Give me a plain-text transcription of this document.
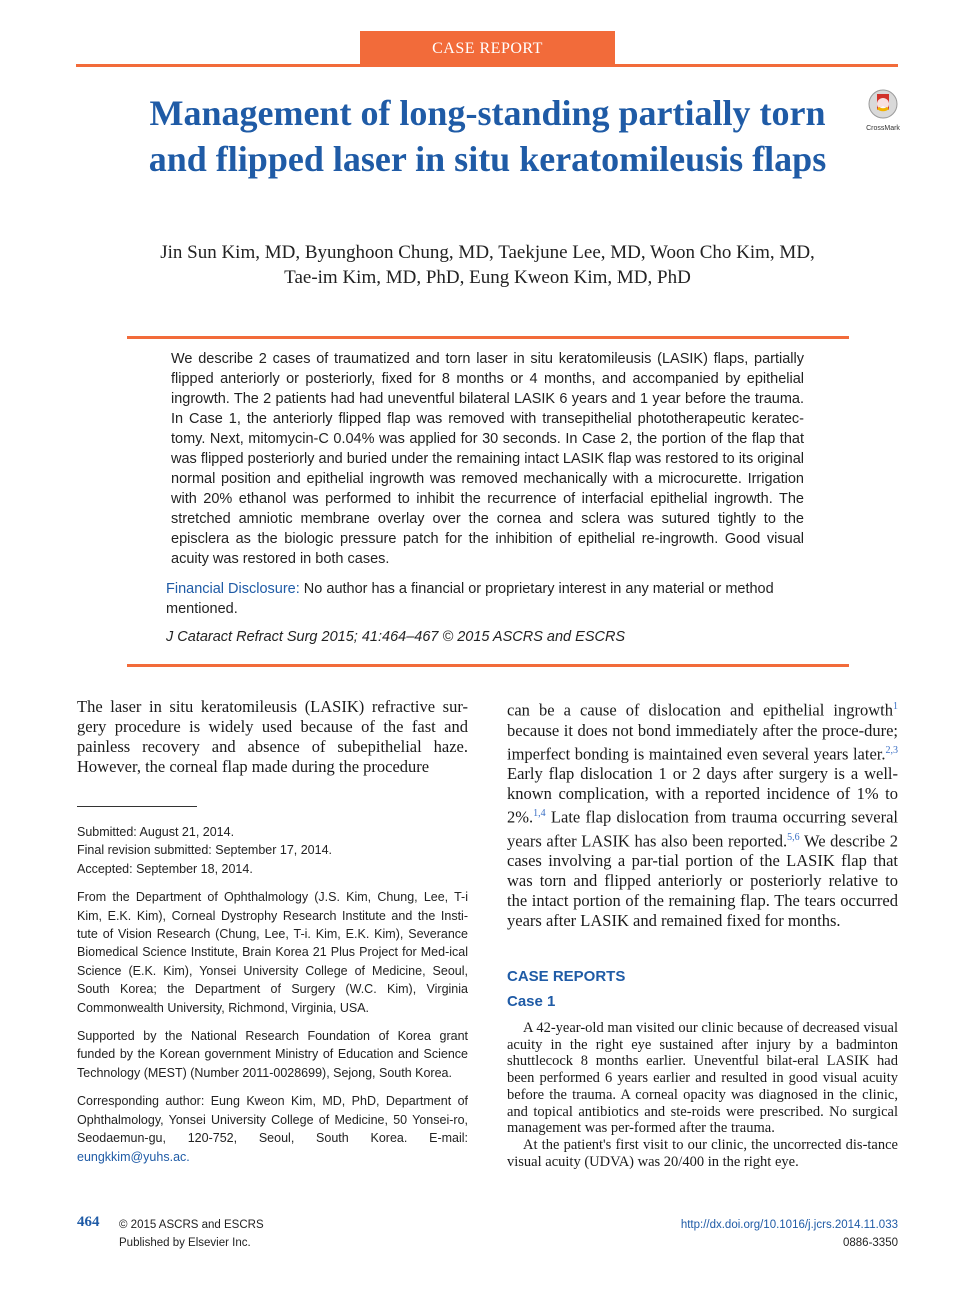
CASE REPORT
Management of long-standing partially torn and flipped laser in situ keratomileusis flaps
CrossMark
Jin Sun Kim, MD, Byunghoon Chung, MD, Taekjune Lee, MD, Woon Cho Kim, MD,
Tae-im Kim, MD, PhD, Eung Kweon Kim, MD, PhD
We describe 2 cases of traumatized and torn laser in situ keratomileusis (LASIK) flaps, partially flipped anteriorly or posteriorly, fixed for 8 months or 4 months, and accompanied by epithelial ingrowth. The 2 patients had had uneventful bilateral LASIK 6 years and 1 year before the trauma. In Case 1, the anteriorly flipped flap was removed with transepithelial phototherapeutic keratec-tomy. Next, mitomycin-C 0.04% was applied for 30 seconds. In Case 2, the portion of the flap that was flipped posteriorly and buried under the remaining intact LASIK flap was restored to its original normal position and epithelial ingrowth was removed mechanically with a microcurette. Irrigation with 20% ethanol was performed to inhibit the recurrence of interfacial epithelial ingrowth. The stretched amniotic membrane overlay over the cornea and sclera was sutured tightly to the episclera as the biologic pressure patch for the inhibition of epithelial re-ingrowth. Good visual acuity was restored in both cases.
Financial Disclosure: No author has a financial or proprietary interest in any material or method mentioned.
J Cataract Refract Surg 2015; 41:464–467 © 2015 ASCRS and ESCRS
The laser in situ keratomileusis (LASIK) refractive sur-gery procedure is widely used because of the fast and painless recovery and absence of subepithelial haze. However, the corneal flap made during the procedure

Submitted: August 21, 2014.
Final revision submitted: September 17, 2014.
Accepted: September 18, 2014.

From the Department of Ophthalmology (J.S. Kim, Chung, Lee, T-i Kim, E.K. Kim), Corneal Dystrophy Research Institute and the Insti-tute of Vision Research (Chung, Lee, T-i. Kim, E.K. Kim), Severance Biomedical Science Institute, Brain Korea 21 Plus Project for Med-ical Science (E.K. Kim), Yonsei University College of Medicine, Seoul, South Korea; the Department of Surgery (W.C. Kim), Virginia Commonwealth University, Richmond, Virginia, USA.

Supported by the National Research Foundation of Korea grant funded by the Korean government Ministry of Education and Science Technology (MEST) (Number 2011-0028699), Sejong, South Korea.

Corresponding author: Eung Kweon Kim, MD, PhD, Department of Ophthalmology, Yonsei University College of Medicine, 50 Yonsei-ro, Seodaemun-gu, 120-752, Seoul, South Korea. E-mail: eungkkim@yuhs.ac.

can be a cause of dislocation and epithelial ingrowth$^1$ because it does not bond immediately after the proce-dure; imperfect bonding is maintained even several years later.$^{2,3}$ Early flap dislocation 1 or 2 days after surgery is a well-known complication, with a reported incidence of 1% to 2%.$^{1,4}$ Late flap dislocation from trauma occurring several years after LASIK has also been reported.$^{5,6}$ We describe 2 cases involving a par-tial portion of the LASIK flap that was torn and flipped anteriorly or posteriorly relative to the intact portion of the remaining flap. The tears occurred years after LASIK and remained fixed for months.
CASE REPORTS
Case 1

A 42-year-old man visited our clinic because of decreased visual acuity in the right eye sustained after injury by a badminton shuttlecock 8 months earlier. Uneventful bilat-eral LASIK had been performed 6 years earlier and resulted in good visual acuity before the trauma. A corneal opacity was diagnosed in the clinic, and topical antibiotics and ste-roids were prescribed. No surgical management was per-formed after the trauma.

At the patient's first visit to our clinic, the uncorrected dis-tance visual acuity (UDVA) was 20/400 in the right eye.

464 © 2015 ASCRS and ESCRS
Published by Elsevier Inc.
http://dx.doi.org/10.1016/j.jcrs.2014.11.033
0886-3350
